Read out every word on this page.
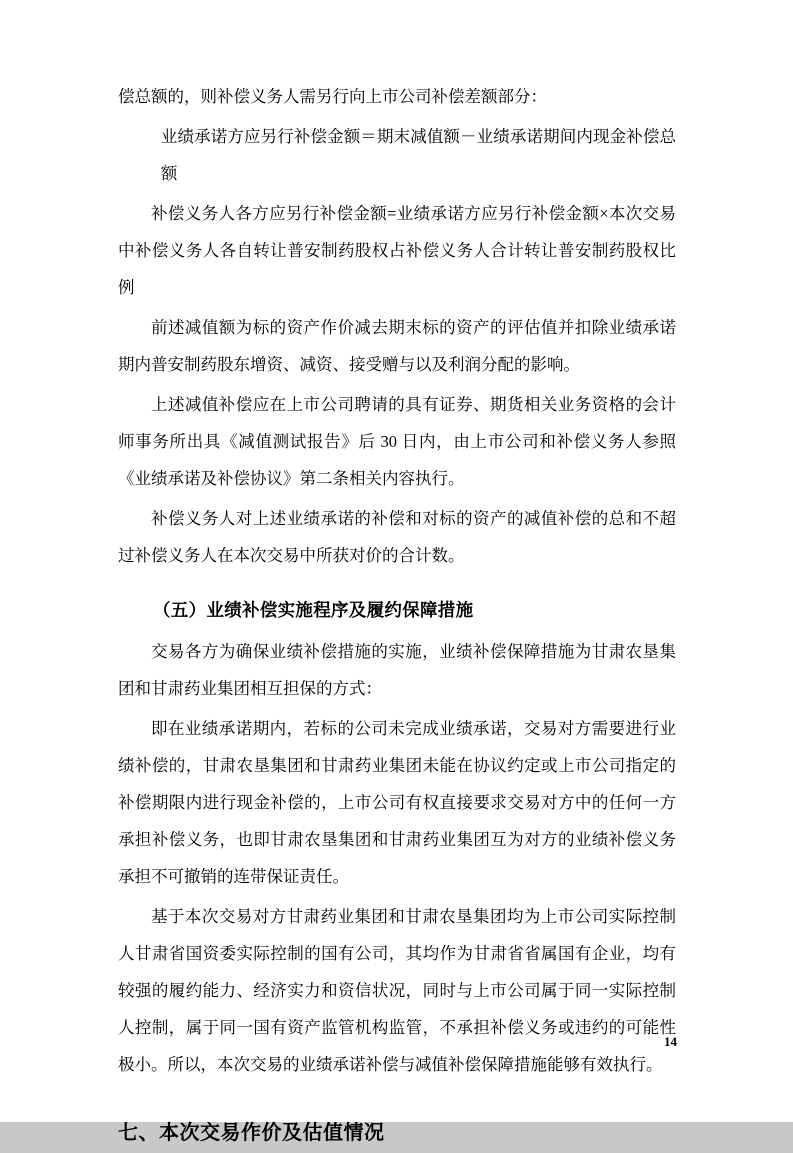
偿总额的，则补偿义务人需另行向上市公司补偿差额部分：

业绩承诺方应另行补偿金额＝期末减值额－业绩承诺期间内现金补偿总额

补偿义务人各方应另行补偿金额=业绩承诺方应另行补偿金额×本次交易中补偿义务人各自转让普安制药股权占补偿义务人合计转让普安制药股权比例

前述减值额为标的资产作价减去期末标的资产的评估值并扣除业绩承诺期内普安制药股东增资、减资、接受赠与以及利润分配的影响。

上述减值补偿应在上市公司聘请的具有证券、期货相关业务资格的会计师事务所出具《减值测试报告》后 30 日内，由上市公司和补偿义务人参照《业绩承诺及补偿协议》第二条相关内容执行。

补偿义务人对上述业绩承诺的补偿和对标的资产的减值补偿的总和不超过补偿义务人在本次交易中所获对价的合计数。

（五）业绩补偿实施程序及履约保障措施

交易各方为确保业绩补偿措施的实施，业绩补偿保障措施为甘肃农垦集团和甘肃药业集团相互担保的方式：

即在业绩承诺期内，若标的公司未完成业绩承诺，交易对方需要进行业绩补偿的，甘肃农垦集团和甘肃药业集团未能在协议约定或上市公司指定的补偿期限内进行现金补偿的，上市公司有权直接要求交易对方中的任何一方承担补偿义务，也即甘肃农垦集团和甘肃药业集团互为对方的业绩补偿义务承担不可撤销的连带保证责任。

基于本次交易对方甘肃药业集团和甘肃农垦集团均为上市公司实际控制人甘肃省国资委实际控制的国有公司，其均作为甘肃省省属国有企业，均有较强的履约能力、经济实力和资信状况，同时与上市公司属于同一实际控制人控制，属于同一国有资产监管机构监管，不承担补偿义务或违约的可能性极小。所以，本次交易的业绩承诺补偿与减值补偿保障措施能够有效执行。

七、本次交易作价及估值情况
14
